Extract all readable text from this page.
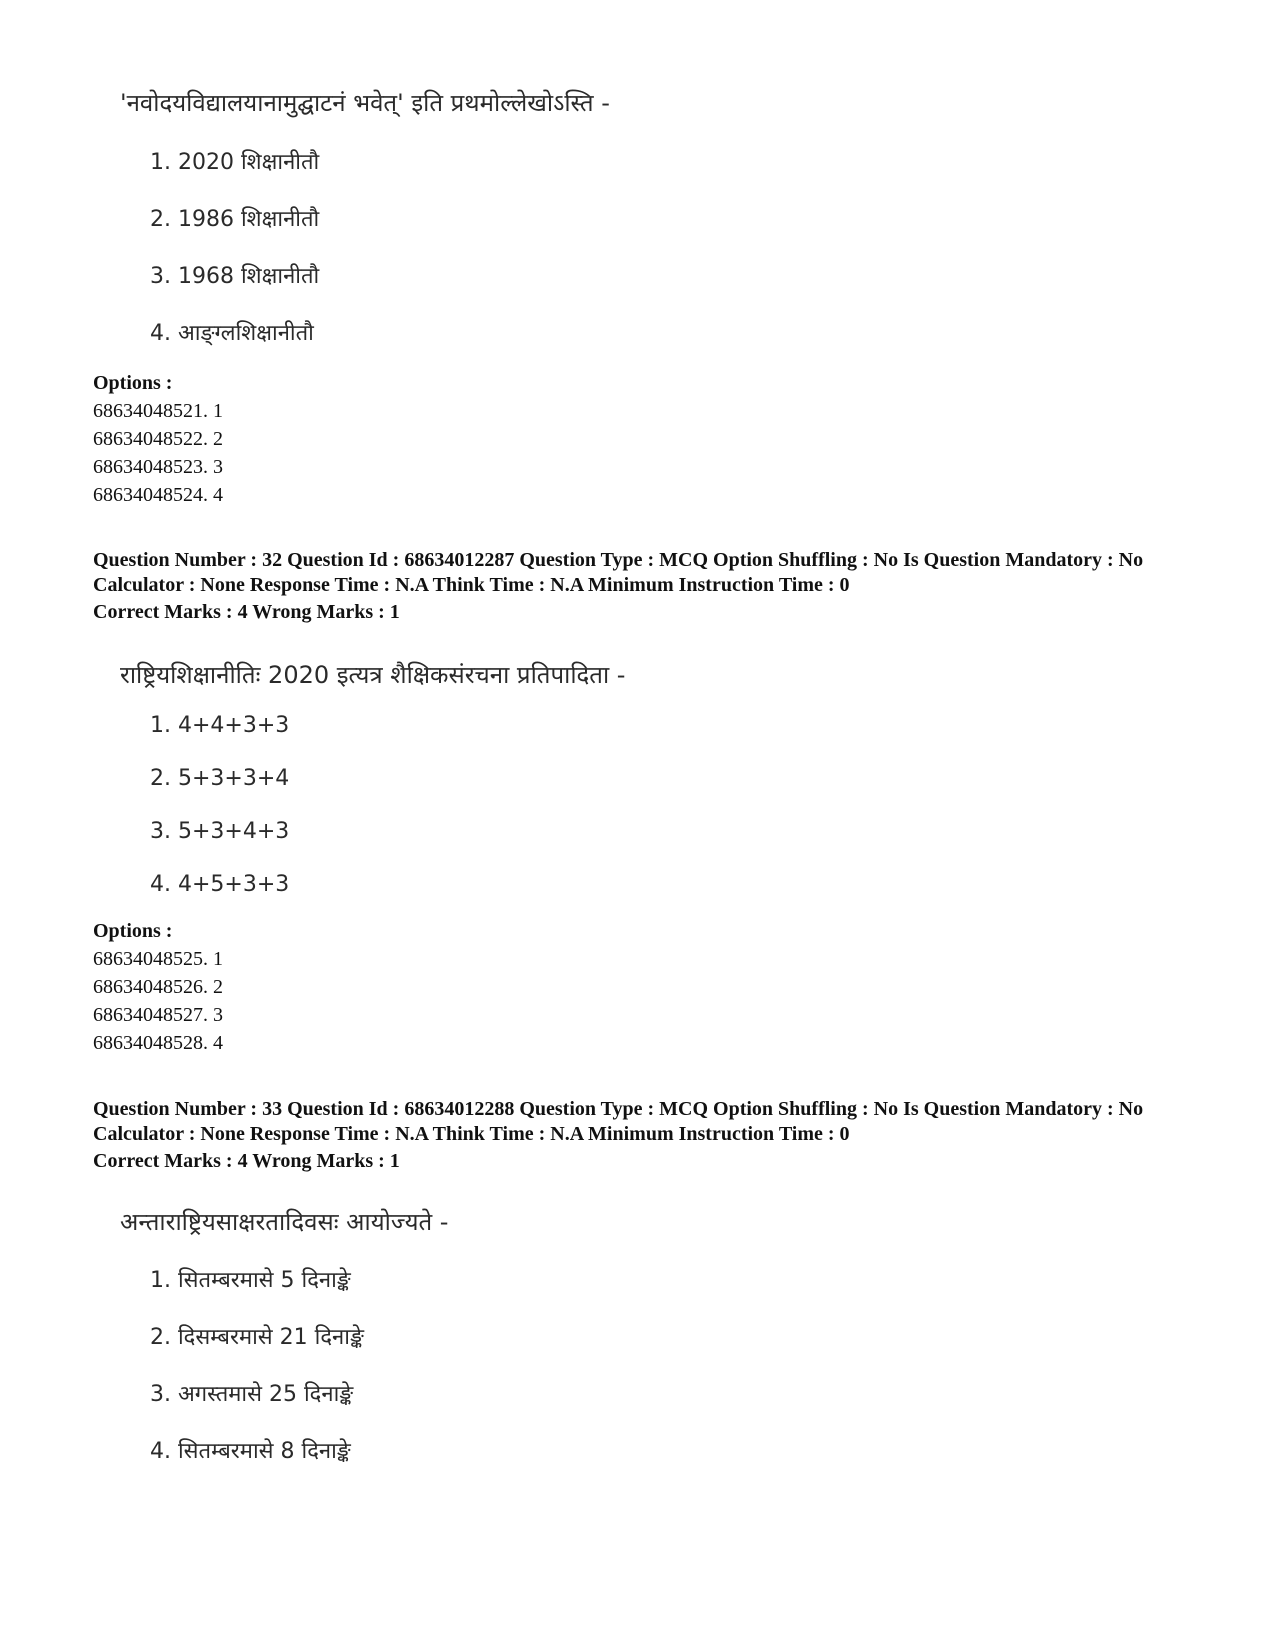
'नवोदयविद्यालयानामुद्घाटनं भवेत्' इति प्रथमोल्लेखोऽस्ति -
1. 2020 शिक्षानीतौ
2. 1986 शिक्षानीतौ
3. 1968 शिक्षानीतौ
4. आङ्ग्लशिक्षानीतौ
Options :
68634048521. 1
68634048522. 2
68634048523. 3
68634048524. 4
Question Number : 32 Question Id : 68634012287 Question Type : MCQ Option Shuffling : No Is Question Mandatory : No Calculator : None Response Time : N.A Think Time : N.A Minimum Instruction Time : 0
Correct Marks : 4 Wrong Marks : 1
राष्ट्रियशिक्षानीतिः 2020 इत्यत्र शैक्षिकसंरचना प्रतिपादिता -
1. 4+4+3+3
2. 5+3+3+4
3. 5+3+4+3
4. 4+5+3+3
Options :
68634048525. 1
68634048526. 2
68634048527. 3
68634048528. 4
Question Number : 33 Question Id : 68634012288 Question Type : MCQ Option Shuffling : No Is Question Mandatory : No Calculator : None Response Time : N.A Think Time : N.A Minimum Instruction Time : 0
Correct Marks : 4 Wrong Marks : 1
अन्ताराष्ट्रियसाक्षरतादिवसः आयोज्यते -
1. सितम्बरमासे 5 दिनाङ्के
2. दिसम्बरमासे 21 दिनाङ्के
3. अगस्तमासे 25 दिनाङ्के
4. सितम्बरमासे 8 दिनाङ्के
